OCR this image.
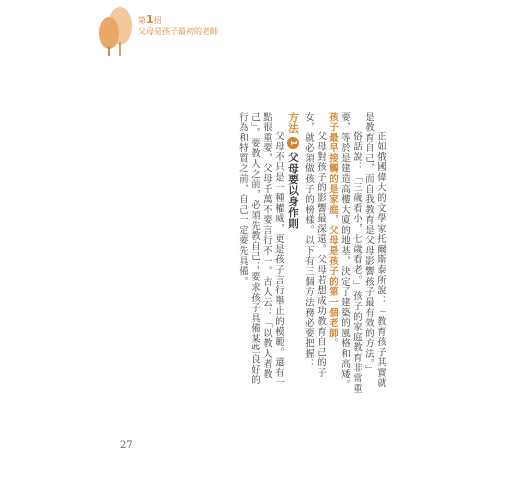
第1招
父母是孩子最初的老師

正如俄國偉大的文學家托爾斯泰所說：「教育孩子其實就是教育自己，而自我教育是父母影響孩子最有效的方法。」

俗話說：「三歲看小，七歲看老。」孩子的家庭教育非常重要，等於是建造高樓大廈的地基，決定了建築的風格和高矮。孩子最早接觸的是家庭，父母是孩子的第一個老師。

父母對孩子的影響最深遠。父母若想成功教育自己的子女，就必須做孩子的榜樣。以下有三個方法務必要把握：

方法1父母要以身作則

父母不只是一種權威，更是孩子言行舉止的模範。還有一點很重要，父母千萬不要言行不一。古人云：「以教人者教己」。要教人之前，必須先教自己；要求孩子具備某些良好的行為和特質之前，自己一定要先具備。

27
